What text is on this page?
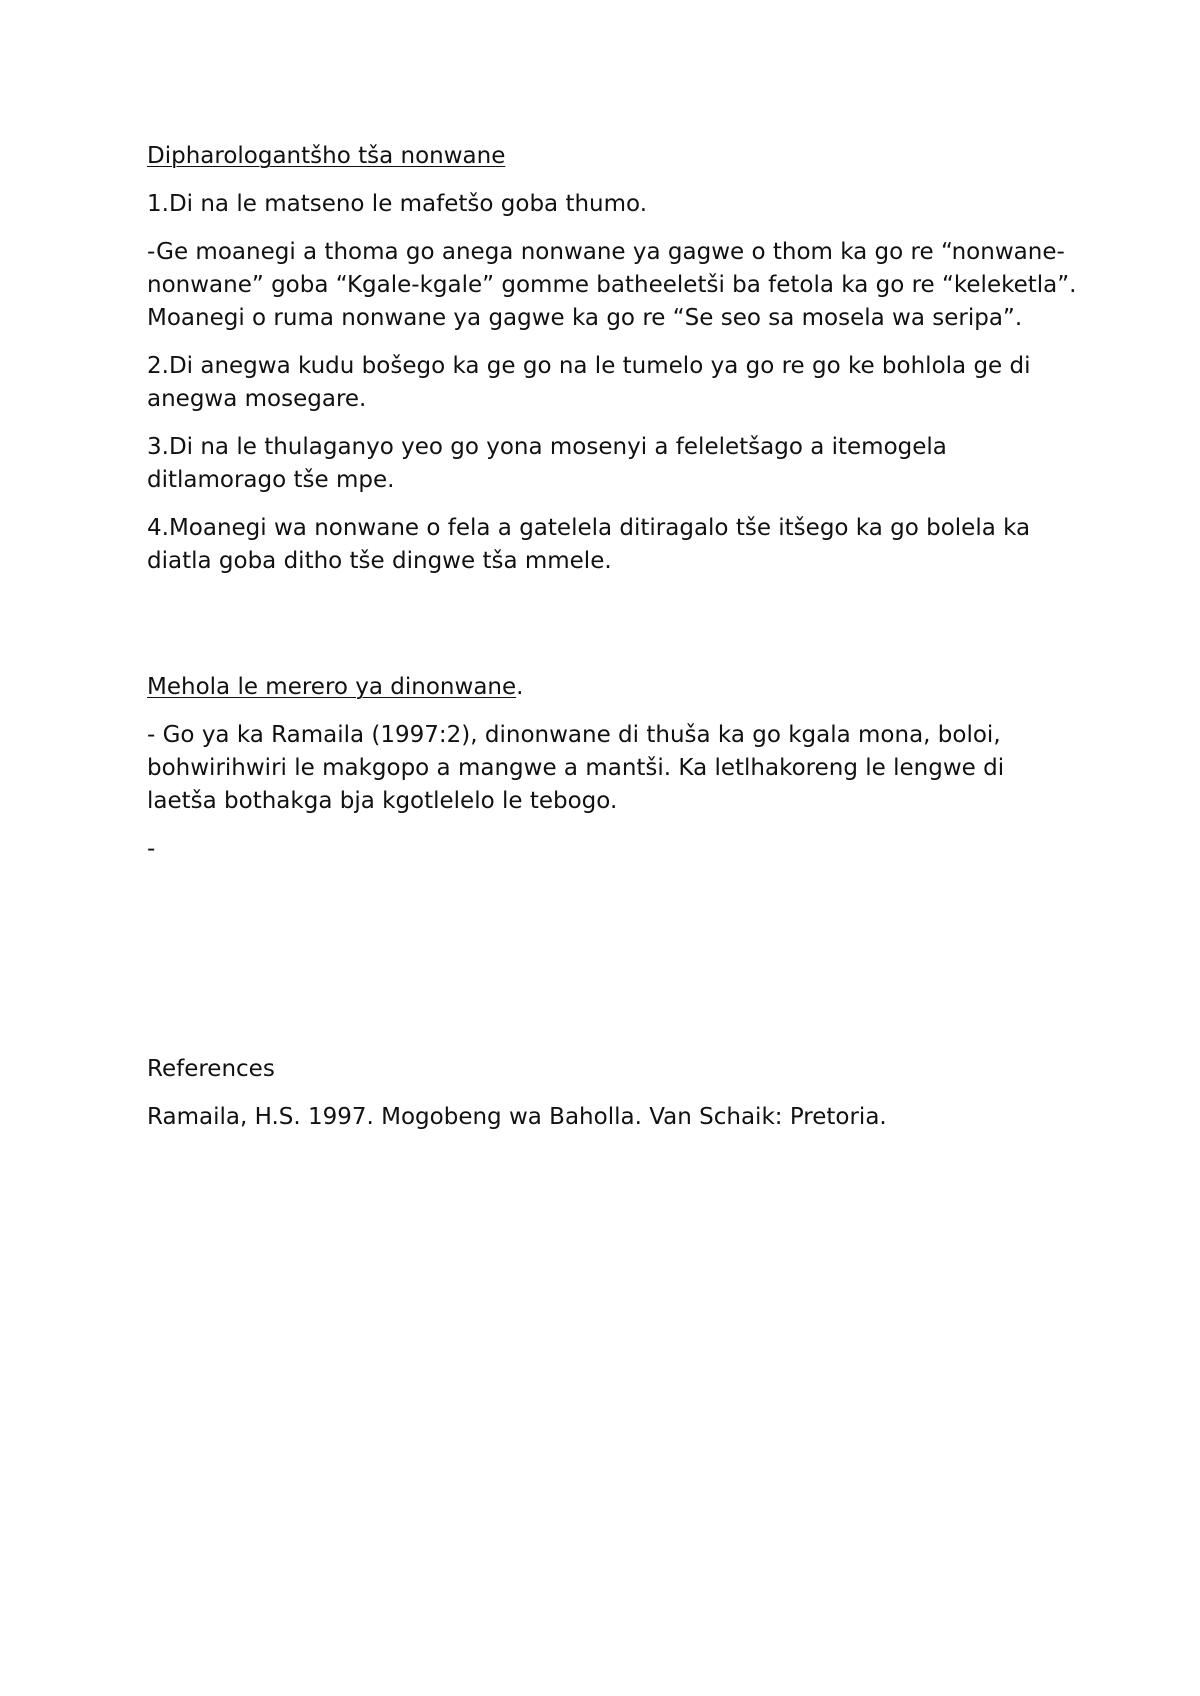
Dipharologantšho tša nonwane

1.Di na le matseno le mafetšo goba thumo.

-Ge moanegi a thoma go anega nonwane ya gagwe o thom ka go re “nonwane-nonwane” goba “Kgale-kgale” gomme batheeletši ba fetola ka go re “keleketla”. Moanegi o ruma nonwane ya gagwe ka go re “Se seo sa mosela wa seripa”.

2.Di anegwa kudu bošego ka ge go na le tumelo ya go re go ke bohlola ge di anegwa mosegare.

3.Di na le thulaganyo yeo go yona mosenyi a feleletšago a itemogela ditlamorago tše mpe.

4.Moanegi wa nonwane o fela a gatelela ditiragalo tše itšego ka go bolela ka diatla goba ditho tše dingwe tša mmele.

Mehola le merero ya dinonwane.

- Go ya ka Ramaila (1997:2), dinonwane di thuša ka go kgala mona, boloi, bohwirihwiri le makgopo a mangwe a mantši. Ka letlhakoreng le lengwe di laetša bothakga bja kgotlelelo le tebogo.

-

References

Ramaila, H.S. 1997. Mogobeng wa Baholla. Van Schaik: Pretoria.
